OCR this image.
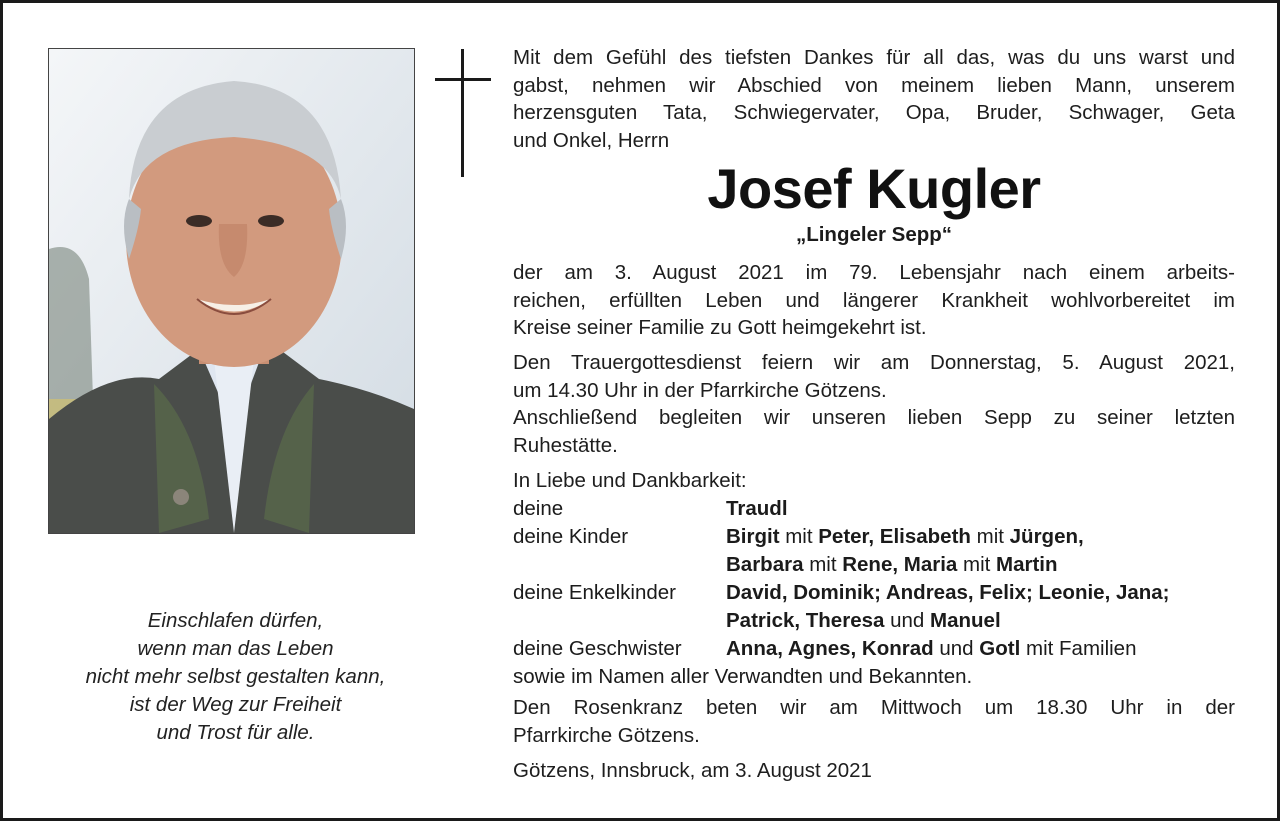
Mit dem Gefühl des tiefsten Dankes für all das, was du uns warst und
gabst, nehmen wir Abschied von meinem lieben Mann, unserem
herzensguten Tata, Schwiegervater, Opa, Bruder, Schwager, Geta
und Onkel, Herrn
Josef Kugler
„Lingeler Sepp“
der am 3. August 2021 im 79. Lebensjahr nach einem arbeits-
reichen, erfüllten Leben und längerer Krankheit wohlvorbereitet im
Kreise seiner Familie zu Gott heimgekehrt ist.
Den Trauergottesdienst feiern wir am Donnerstag, 5. August 2021,
um 14.30 Uhr in der Pfarrkirche Götzens.
Anschließend begleiten wir unseren lieben Sepp zu seiner letzten
Ruhestätte.
In Liebe und Dankbarkeit:
deine	Traudl
deine Kinder	Birgit mit Peter, Elisabeth mit Jürgen,
Barbara mit Rene, Maria mit Martin
deine Enkelkinder	David, Dominik; Andreas, Felix; Leonie, Jana;
Patrick, Theresa und Manuel
deine Geschwister	Anna, Agnes, Konrad und Gotl mit Familien
sowie im Namen aller Verwandten und Bekannten.
Den Rosenkranz beten wir am Mittwoch um 18.30 Uhr in der
Pfarrkirche Götzens.
Götzens, Innsbruck, am 3. August 2021
Einschlafen dürfen,
wenn man das Leben
nicht mehr selbst gestalten kann,
ist der Weg zur Freiheit
und Trost für alle.
